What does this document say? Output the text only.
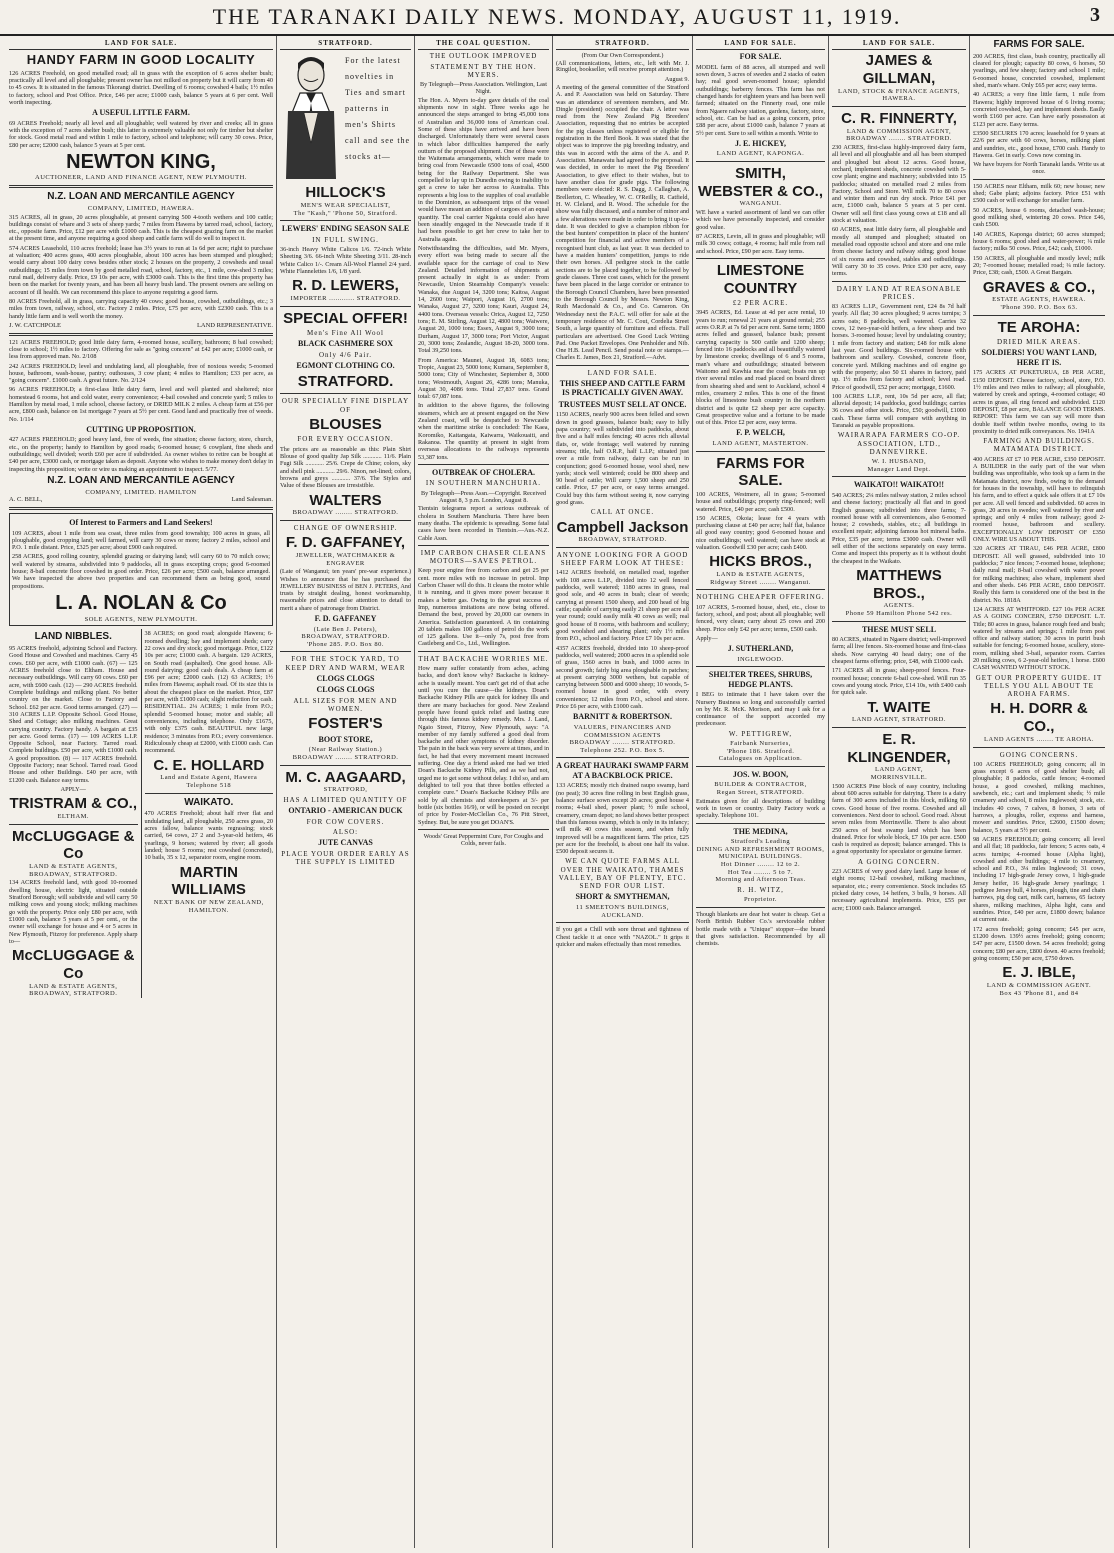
THE TARANAKI DAILY NEWS. MONDAY, AUGUST 11, 1919.	3
LAND FOR SALE.
HANDY FARM IN GOOD LOCALITY

126 ACRES Freehold, on good metalled road; all in grass with the exception of 6 acres shelter bush; practically all level and all ploughable; present owner has not milked on property but it will carry from 40 to 45 cows. It is situated in the famous Tikorangi district. Dwelling of 6 rooms; cowshed 4 bails; 1½ miles to factory, school and Post Office. Price, £46 per acre; £1000 cash, balance 5 years at 6 per cent. Well worth inspecting.

A USEFUL LITTLE FARM.

69 ACRES Freehold; nearly all level and all ploughable; well watered by river and creeks; all in grass with the exception of 7 acres shelter bush; this latter is extremely valuable not only for timber but shelter for stock. Good metal road and within 1 mile to factory, school and telephone; will carry 30 cows. Price, £80 per acre; £2000 cash, balance 5 years at 5 per cent.

NEWTON KING,
AUCTIONEER, LAND AND FINANCE AGENT, NEW PLYMOUTH.
N.Z. LOAN AND MERCANTILE AGENCY
COMPANY, LIMITED, HAWERA.

315 ACRES, all in grass, 20 acres ploughable, at present carrying 500 4-tooth wethers and 100 cattle; buildings consist of whare and 3 sets of sheep yards; 7 miles from Hawera by tarred road, school, factory, etc., opposite farm. Price, £12 per acre with £1000 cash. This is the cheapest grazing farm on the market at the present time, and anyone requiring a good sheep and cattle farm will do well to inspect it.

574 ACRES Leasehold, 110 acres freehold; lease has 3½ years to run at 1s 6d per acre; right to purchase at valuation; 400 acres grass, 400 acres ploughable, about 100 acres has been stumped and ploughed; would carry about 100 dairy cows besides other stock; 2 houses on the property, 2 cowsheds and usual outbuildings; 15 miles from town by good metalled road, school, factory, etc., 1 mile, cow-shed 3 miles; rural mail, delivery daily. Price, £9 10s per acre, with £3000 cash. This is the first time this property has been on the market for twenty years, and has been all heavy bush land. The present owners are selling on account of ill health. We can recommend this place to anyone requiring a good farm.

80 ACRES Freehold, all in grass, carrying capacity 40 cows; good house, cowshed, outbuildings, etc.; 3 miles from town, railway, school, etc. Factory 2 miles. Price, £75 per acre, with £2300 cash. This is a handy little farm and is well worth the money.

J. W. CATCHPOLE	LAND REPRESENTATIVE.

121 ACRES FREEHOLD; good little dairy farm, 4-roomed house, scullery, bathroom; 8 bail cowshed; close to school; 1½ miles to factory. Offering for sale as "going concern" at £42 per acre; £1000 cash, or less from approved man. No. 2/108

242 ACRES FREEHOLD; level and undulating land, all ploughable, free of noxious weeds; 5-roomed house, bathroom, wash-house, pantry; outhouses, 3 cow plant; 4 miles to Hamilton; £33 per acre, as "going concern". £1000 cash. A great future. No. 2/124

96 ACRES FREEHOLD; a first-class little dairy farm, level and well planted and sheltered; nice homestead 6 rooms, hot and cold water, every convenience; 4-bail cowshed and concrete yard; 5 miles to Hamilton by metal road, 1 mile school, cheese factory, or DRIED MILK 2 miles. A cheap farm at £56 per acre, £800 cash, balance on 1st mortgage 7 years at 5½ per cent. Good land and practically free of weeds. No. 1/114

CUTTING UP PROPOSITION.

427 ACRES FREEHOLD; good heavy land, free of weeds, fine situation; cheese factory, store, church, etc., on the property; handy to Hamilton by good roads; 6-roomed house; 6 cowplant, fine sheds and outbuildings; well divided; worth £60 per acre if subdivided. As owner wishes to retire can be bought at £40 per acre, £3000 cash, or mortgage taken as deposit. Anyone who wishes to make money don't delay in inspecting this proposition; write or wire us making an appointment to inspect. 5/77.

N.Z. LOAN AND MERCANTILE AGENCY
COMPANY, LIMITED. HAMILTON
A. C. BELL,	Land Salesman.
Of Interest to Farmers and Land Seekers!

109 ACRES, about 1 mile from sea coast, three miles from good township; 100 acres in grass, all ploughable, good cropping land; well farmed, will carry 30 cows or more; factory 2 miles, school and P.O. 1 mile distant. Price, £325 per acre; about £900 cash required.

258 ACRES, good rolling country, splendid grazing or dairying land; will carry 60 to 70 milch cows; well watered by streams, subdivided into 9 paddocks, all in grass excepting crops; good 6-roomed house; 8-bail concrete floor cowshed in good order. Price, £26 per acre; £500 cash, balance arranged. We have inspected the above two properties and can recommend them as being good, sound propositions.

L. A. NOLAN & Co
SOLE AGENTS, NEW PLYMOUTH.
LAND NIBBLES.

95 ACRES freehold, adjoining School and Factory. Good House and Cowshed and machines. Carry 45 cows. £60 per acre, with £1000 cash. (67) — 125 ACRES freehold close to Eltham. House and necessary outbuildings. Will carry 60 cows. £60 per acre, with £600 cash. (12) — 290 ACRES freehold. Complete buildings and milking plant. No better country on the market. Close to Factory and School. £62 per acre. Good terms arranged. (27) — 310 ACRES L.I.P. Opposite School. Good House, Shed and Cottage; also milking machines. Great carrying country. Factory handy. A bargain at £35 per acre. Good terms. (17) — 109 ACRES L.I.P. Opposite School, near Factory. Tarred road. Complete buildings. £50 per acre, with £1000 cash. A good proposition. (8) — 117 ACRES freehold. Opposite Factory; near School. Tarred road. Good House and other Buildings. £40 per acre, with £1200 cash. Balance easy terms.

APPLY—
TRISTRAM & CO.,
ELTHAM.
McCLUGGAGE & Co
LAND & ESTATE AGENTS,
BROADWAY, STRATFORD.

134 ACRES freehold land, with good 10-roomed dwelling house, electric light, situated outside Stratford Borough; will subdivide and will carry 50 milking cows and young stock; milking machines go with the property. Price only £80 per acre, with £1000 cash, balance 5 years at 5 per cent., or the owner will exchange for house and 4 or 5 acres in New Plymouth, Fitzroy for preference. Apply sharp to—

McCLUGGAGE & Co
LAND & ESTATE AGENTS,
BROADWAY, STRATFORD.

38 ACRES; on good road; alongside Hawera; 6-roomed dwelling; bay and implement sheds; carry 22 cows and dry stock; good mortgage. Price, £122 10s per acre; £1000 cash. A bargain. 129 ACRES, on South road (asphalted). One good house. All-round dairying; good cash deals. A cheap farm at £96 per acre; £2000 cash. (12) 63 ACRES; 1½ miles from Hawera; asphalt road. Of its size this is about the cheapest place on the market. Price, £87 per acre, with £1000 cash; slight reduction for cash. RESIDENTIAL. 2¼ ACRES; 1 mile from P.O.; splendid 5-roomed house; motor and stable; all conveniences, including telephone. Only £1675, with only £375 cash. BEAUTIFUL new large residence; 3 minutes from P.O.; every convenience. Ridiculously cheap at £2000, with £1000 cash. Can recommend.

C. E. HOLLARD
Land and Estate Agent, Hawera
Telephone 518
WAIKATO.

470 ACRES Freehold; about half river flat and undulating land, all ploughable, 250 acres grass, 20 acres fallow, balance wants regrassing; stock carried, 64 cows, 27 2 and 3-year-old heifers, 46 yearlings, 9 horses; watered by river; all goods landed; house 5 rooms; rest cowshed (concreted), 10 bails, 35 x 12, separator room, engine room.

MARTIN WILLIAMS
NEXT BANK OF NEW ZEALAND, HAMILTON.
STRATFORD.
For the latest novelties in Ties and smart patterns in men's Shirts call and see the stocks at—
HILLOCK'S
MEN'S WEAR SPECIALIST,
The "Kash," 'Phone 50, Stratford.
LEWERS' ENDING SEASON SALE
IN FULL SWING.

36-inch Heavy White Calicos 1/6. 72-inch White Sheeting 3/6. 66-inch White Sheeting 3/11. 28-inch White Calico 1/-. Cream All-Wool Flannel 2/4 yard. White Flannelettes 1/6, 1/8 yard.

R. D. LEWERS,
IMPORTER ............ STRATFORD.
SPECIAL OFFER!
Men's Fine All Wool
BLACK CASHMERE SOX
Only 4/6 Pair.
EGMONT CLOTHING CO.
STRATFORD.
OUR SPECIALLY FINE DISPLAY OF
BLOUSES
FOR EVERY OCCASION.

The prices are as reasonable as this: Plain Shirt Blouse of good quality Jap Silk ............ 11/6. Plain Fugi Silk ............ 25/6. Crepe de Chine; colors, sky and shell pink ............ 29/6. Ninon, net-lined; colors, browns and greys ............ 37/6. The Styles and Value of these Blouses are irresistible.

WALTERS
BROADWAY ........ STRATFORD.
CHANGE OF OWNERSHIP.
F. D. GAFFANEY,
JEWELLER, WATCHMAKER & ENGRAVER

(Late of Wanganui; ten years' pre-war experience.) Wishes to announce that he has purchased the JEWELLERY BUSINESS of BEN J. PETERS, And trusts by straight dealing, honest workmanship, reasonable prices and close attention to detail to merit a share of patronage from District.

F. D. GAFFANEY
(Late Ben J. Peters),
BROADWAY, STRATFORD.
'Phone 285. P.O. Box 80.
FOR THE STOCK YARD, TO KEEP DRY AND WARM, WEAR
CLOGS CLOGS
CLOGS CLOGS
ALL SIZES FOR MEN AND WOMEN.
FOSTER'S
BOOT STORE,
(Near Railway Station.)
BROADWAY ........ STRATFORD.
M. C. AAGAARD,
STRATFORD,
HAS A LIMITED QUANTITY OF
ONTARIO - AMERICAN DUCK
FOR COW COVERS.
ALSO:
JUTE CANVAS
PLACE YOUR ORDER EARLY AS THE SUPPLY IS LIMITED
THE COAL QUESTION.
THE OUTLOOK IMPROVED
STATEMENT BY THE HON. MYERS.
By Telegraph—Press Association. Wellington, Last Night.

The Hon. A. Myers to-day gave details of the coal shipments now in sight. Three weeks ago he announced the steps arranged to bring 45,000 tons of Australian and 36,000 tons of American coal. Some of these ships have arrived and have been discharged. Unfortunately there were several cases in which labor difficulties hampered the early outturn of the proposed shipment. One of these were the Waitemata arrangements, which were made to bring coal from Newcastle 6500 tons of coal, 4500 being for the Railway Department. She was compelled to lay up in Dunedin owing to inability to get a crew to take her across to Australia. This represents a big loss to the supplies of coal available in the Dominion, as subsequent trips of the vessel would have meant an addition of cargoes of an equal quantity. The coal carrier Ngakuta could also have been steadily engaged in the Newcastle trade if it had been possible to get her crew to take her to Australia again.

Notwithstanding the difficulties, said Mr. Myers, every effort was being made to secure all the available space for the carriage of coal to New Zealand. Detailed information of shipments at present actually in sight is as under: From Newcastle, Union Steamship Company's vessels: Wanaka, due August 14, 3200 tons; Kaitoa, August 14, 2600 tons; Waipori, August 16, 2700 tons; Wanaka, August 27, 3200 tons; Kauri, August 24, 4400 tons. Overseas vessels: Orica, August 12, 7250 tons; E. M. Stirling, August 12, 4800 tons; Waiwere, August 20, 1000 tons; Essex, August 9, 3000 tons; Durham, August 17, 3000 tons; Port Victor, August 20, 3000 tons; Zealandic, August 18-20, 3000 tons. Total 39,250 tons.

From America: Maunei, August 18, 6083 tons; Tropic, August 23, 5000 tons; Kumara, September 8, 5000 tons; City of Winchester, September 8, 3000 tons; Westmouth, August 26, 4286 tons; Manuka, August 30, 4086 tons. Total 27,837 tons. Grand total: 67,087 tons.

In addition to the above figures, the following steamers, which are at present engaged on the New Zealand coast, will be despatched to Newcastle when the maritime strike is concluded: The Kaea, Koromiko, Kaitangata, Kaiwarra, Waikouaiti, and Rakanoa. The quantity at present in sight from overseas allocations to the railways represents 53,387 tons.

OUTBREAK OF CHOLERA.
IN SOUTHERN MANCHURIA.
By Telegraph—Press Assn.—Copyright. Received August 8, 3 p.m. London, August 8.

Tientsin telegrams report a serious outbreak of cholera in Southern Manchuria. There have been many deaths. The epidemic is spreading. Some fatal cases have been recorded in Tientsin.—Aus.-N.Z. Cable Assn.

IMP CARBON CHASER CLEANS MOTORS—SAVES PETROL.

Keep your engine free from carbon and get 25 per cent. more miles with no increase in petrol. Imp Carbon Chaser will do this. It cleans the motor while it is running, and it gives more power because it makes a better gas. Owing to the great success of Imp, numerous imitations are now being offered. Demand the best, proved by 20,000 car owners in America. Satisfaction guaranteed. A tin containing 20 tablets makes 100 gallons of petrol do the work of 125 gallons. Use it—only 7s, post free from Castleberg and Co., Ltd., Wellington.

THAT BACKACHE WORRIES ME.

How many suffer constantly from aches, aching backs, and don't know why? Backache is kidney-ache is usually meant. You can't get rid of that ache until you cure the cause—the kidneys. Doan's Backache Kidney Pills are quick for kidney ills and there are many backaches for good. New Zealand people have found quick relief and lasting cure through this famous kidney remedy. Mrs. J. Land, Ngaio Street, Fitzroy, New Plymouth, says: "A member of my family suffered a good deal from backache and other symptoms of kidney disorder. The pain in the back was very severe at times, and in fact, he had that every movement meant increased suffering. One day a friend asked me had we tried Doan's Backache Kidney Pills, and as we had not, urged me to get some without delay. I did so, and am delighted to tell you that three bottles effected a complete cure." Doan's Backache Kidney Pills are sold by all chemists and storekeepers at 3/- per bottle (six bottles 16/9), or will be posted on receipt of price by Foster-McClellan Co., 76 Pitt Street, Sydney. But, be sure you get DOAN'S.

Woods' Great Peppermint Cure, For Coughs and Colds, never fails.

STRATFORD.
(From Our Own Correspondent.)

(All communications, letters, etc., left with Mr. J. Ringilot, bookseller, will receive prompt attention.)

August 9.

A meeting of the general committee of the Stratford A. and P. Association was held on Saturday. There was an attendance of seventeen members, and Mr. Dingle (president) occupied the chair. A letter was read from the New Zealand Pig Breeders' Association, requesting that no entries be accepted for the pig classes unless registered or eligible for registration in the Herd Book. It was stated that the object was to improve the pig breeding industry, and this was in accord with the aims of the A. and P. Association. Manawatu had agreed to the proposal. It was decided, in order to meet the Pig Breeders' Association, to give effect to their wishes, but to have another class for grade pigs. The following members were elected: R. S. Dagg, J. Callaghan, A. Brellerton, C. Wheatley, W. C. O'Reilly, R. Catfield, H. W. Cleland, and R. Wood. The schedule for the show was fully discussed, and a number of minor and a few alterations were made in order to bring it up-to-date. It was decided to give a champion ribbon for the best hunters' competition in place of the hunters' competition for financial and active members of a recognised hunt club, as last year. It was decided to have a maiden hunters' competition, jumps to ride their own horses. All pedigree stock in the cattle sections are to be placed together, to be followed by grade classes. Three cost cases, which for the present have been placed in the large corridor or entrance to the Borough Council Chambers, have been presented to the Borough Council by Messrs. Newton King, Ruth Macdonald & Co., and Co. Cameron. On Wednesday next the P.A.C. will offer for sale at the temporary residence of Mr. C. Cout, Cordelia Street South, a large quantity of furniture and effects. Full particulars are advertised. One Good Luck Writing Pad. One Packet Envelopes. One Penholder and Nib. One H.B. Lead Pencil. Send postal note or stamps.—Charles E. James, Box 21, Stratford.—Advt.

LAND FOR SALE.
THIS SHEEP AND CATTLE FARM IS PRACTICALLY GIVEN AWAY.
TRUSTEES MUST SELL AT ONCE.

1150 ACRES, nearly 900 acres been felled and sown down in good grasses, balance bush; easy to hilly papa country; well subdivided into paddocks, about five and a half miles fencing; 40 acres rich alluvial flats, or, wide frontage; well watered by running streams; title, half O.R.P., half L.I.P.; situated just over a mile from railway, dairy can be run in conjunction; good 6-roomed house, wool shed, new yards; stock well wintered; could be 800 sheep and 90 head of cattle; Will carry 1,500 sheep and 250 cattle. Price, £7 per acre, or easy terms arranged. Could buy this farm without seeing it, now carrying good grass.

CALL AT ONCE.
Campbell Jackson
BROADWAY, STRATFORD.
ANYONE LOOKING FOR A GOOD SHEEP FARM LOOK AT THESE:

1412 ACRES freehold, on metalled road, together with 108 acres L.I.P., divided into 12 well fenced paddocks, well watered; 1180 acres in grass, real good sole, and 40 acres in bush; clear of weeds; carrying at present 1500 sheep, and 200 head of big cattle; capable of carrying easily 21 sheep per acre all year round; could easily milk 40 cows as well; real good house of 8 rooms, with bathroom and scullery; good woolshed and shearing plant; only 1½ miles from P.O., school and factory. Price £7 10s per acre.

4357 ACRES freehold, divided into 10 sheep-proof paddocks, well watered; 2000 acres in a splendid sole of grass, 1560 acres in bush, and 1000 acres in second growth; fairly big area ploughable in patches; at present carrying 3000 wethers, but capable of carrying between 5000 and 6000 sheep; 10 woods, 5-roomed house in good order, with every convenience; 12 miles from P.O., school and store. Price £6 per acre, with £1000 cash.

BARNITT & ROBERTSON.
VALUERS, FINANCIERS AND COMMISSION AGENTS
BROADWAY ........ STRATFORD.
Telephone 252. P.O. Box 5.
A GREAT HAURAKI SWAMP FARM AT A BACKBLOCK PRICE.

133 ACRES; mostly rich drained raupo swamp, hard (no peat); 30 acres fine rolling in best English grass, balance surface sown except 20 acres; good house 4 rooms; 4-bail shed, power plant; ½ mile school, creamery, cream depot; no land shows better prospect than this famous swamp, which is only in its infancy; will milk 40 cows this season, and when fully improved will be a magnificent farm. The price, £25 per acre for the freehold, is about one half its value. £500 deposit secures it.

WE CAN QUOTE FARMS ALL OVER THE WAIKATO, THAMES VALLEY, BAY OF PLENTY, ETC. SEND FOR OUR LIST.
SHORT & SMYTHEMAN,
11 SMEETON'S BUILDINGS, AUCKLAND.

If you get a Chill with sore throat and tightness of Chest tackle it at once with "NAZOL." It grips it quicker and makes effectually than most remedies.

LAND FOR SALE.
FOR SALE.

MODEL farm of 88 acres, all stumped and well sown down, 3 acres of swedes and 2 stacks of oaten hay; real good seven-roomed house; splendid outbuildings; barberry fences. This farm has not changed hands for eighteen years and has been well farmed; situated on the Finnerty road, one mile from Ngaere railway station, gardens, factory, store, school, etc. Can be had as a going concern, price £88 per acre, about £1000 cash, balance 7 years at 5½ per cent. Sure to sell within a month. Write to

J. E. HICKEY,
LAND AGENT, KAPONGA.
SMITH, WEBSTER & CO.,
WANGANUI.

WE have a varied assortment of land we can offer which we have personally inspected, and consider good value.

87 ACRES, Levin, all in grass and ploughable; will milk 30 cows; cottage, 4 rooms; half mile from rail and school. Price, £90 per acre. Easy terms.

LIMESTONE COUNTRY
£2 PER ACRE.

3945 ACRES, Ed. Lease at 4d per acre rental, 10 years to run; renewal 21 years at ground rental; 255 acres O.R.P. at 7s 6d per acre rent. Same term; 1800 acres felled and grassed, balance bush; present carrying capacity is 500 cattle and 1200 sheep; fenced into 16 paddocks and all beautifully watered by limestone creeks; dwellings of 6 and 5 rooms, man's whare and outbuildings; situated between Waitomo and Kawhia near the coast; boats run up river several miles and road placed on board direct from shearing shed and sent to Auckland, school 4 miles, creamery 2 miles. This is one of the finest blocks of limestone bush country in the northern district and is quite £2 sheep per acre capacity. Great prospective value and a fortune to be made out of this. Price £2 per acre, easy terms.

F. P. WELCH,
LAND AGENT, MASTERTON.
FARMS FOR SALE.

100 ACRES, Westmere, all in grass; 5-roomed house and outbuildings; property ring-fenced; well watered. Price, £40 per acre; cash £500.

150 ACRES, Okoia; lease for 4 years with purchasing clause at £40 per acre; half flat, balance all good easy country; good 6-roomed house and nice outbuildings; well watered; can have stock at valuation. Goodwill £30 per acre; cash £400.

HICKS BROS.,
LAND & ESTATE AGENTS,
Ridgway Street ........ Wanganui.
NOTHING CHEAPER OFFERING.

107 ACRES, 5-roomed house, shed, etc., close to factory, school, and post; about all ploughable; well fenced, very clean; carry about 25 cows and 200 sheep. Price only £42 per acre; terms, £500 cash.

Apply—
J. SUTHERLAND,
INGLEWOOD.
SHELTER TREES, SHRUBS, HEDGE PLANTS.

I BEG to intimate that I have taken over the Nursery Business so long and successfully carried on by Mr. R. McK. Morison, and may I ask for a continuance of the support accorded my predecessor.

W. PETTIGREW,
Fairbank Nurseries,
'Phone 186. Stratford.
Catalogues on Application.
JOS. W. BOON,
BUILDER & CONTRACTOR,
Regan Street, STRATFORD.

Estimates given for all descriptions of building work in town or country. Dairy Factory work a specialty. Telephone 101.

THE MEDINA,
Stratford's Leading
DINING AND REFRESHMENT ROOMS, MUNICIPAL BUILDINGS.
Hot Dinner ........ 12 to 2.
Hot Tea ........ 5 to 7.
Morning and Afternoon Teas.
R. H. WITZ,
Proprietor.

Though blankets are dear hot water is cheap. Get a North British Rubber Co.'s serviceable rubber bottle made with a "Unique" stopper—the brand that gives satisfaction. Recommended by all chemists.

LAND FOR SALE.
JAMES & GILLMAN,
LAND, STOCK & FINANCE AGENTS, HAWERA.
C. R. FINNERTY,
LAND & COMMISSION AGENT,
BROADWAY ........ STRATFORD.

230 ACRES, first-class highly-improved dairy farm, all level and all ploughable and all has been stumped and ploughed but about 12 acres. Good house, orchard, implement sheds, concrete cowshed with 5-cow plant; engine and machinery; subdivided into 15 paddocks; situated on metalled road 2 miles from Factory, School and Store. Will milk 70 to 80 cows and winter them and run dry stock. Price £41 per acre, £1000 cash, balance 5 years at 5 per cent. Owner will sell first class young cows at £18 and all stock at valuation.

60 ACRES, neat little dairy farm, all ploughable and mostly all stumped and ploughed; situated on metalled road opposite school and store and one mile from cheese factory and railway siding; good house of six rooms and cowshed, stables and outbuildings. Will carry 30 to 35 cows. Price £30 per acre, easy terms.

DAIRY LAND AT REASONABLE PRICES.

83 ACRES L.I.P., Government rent, £24 8s 7d half yearly. All flat; 30 acres ploughed; 9 acres turnips; 3 acres oats; 8 paddocks, well watered. Carries 32 cows, 12 two-year-old heifers, a few sheep and two horses. 3-roomed house; level by undulating country; 1 mile from factory and station; £48 for milk alone last year. Good buildings. Six-roomed house with bathroom and scullery. Cowshed, concrete floor, concrete yard. Milking machines and oil engine go with the property; also 50 £1 shares in factory, paid up. 1½ miles from factory and school; level road. Price of goodwill, £52 per acre; mortgage, £1600.

100 ACRES L.I.P., rent, 10s 5d per acre, all flat; alluvial deposit; 14 paddocks, good buildings; carries 36 cows and other stock. Price, £50; goodwill, £1000 cash. These farms will compare with anything in Taranaki as payable propositions.

WAIRARAPA FARMERS CO-OP. ASSOCIATION, LTD., DANNEVIRKE.
W. I. HUSBAND,
Manager Land Dept.
WAIKATO!! WAIKATO!!

540 ACRES; 2¼ miles railway station, 2 miles school and cheese factory; practically all flat and in good English grasses; subdivided into three farms; 7-roomed house with all conveniences, also 6-roomed house; 2 cowsheds, stables, etc.; all buildings in excellent repair; adjoining famous hot mineral baths. Price, £35 per acre; terms £3000 cash. Owner will sell either of the sections separately on easy terms. Come and inspect this property as it is without doubt the cheapest in the Waikato.

MATTHEWS BROS.,
AGENTS.
Phone 59 Hamilton Phone 542 res.
THESE MUST SELL

80 ACRES, situated in Ngaere district; well-improved farm; all live fences. Six-roomed house and first-class sheds. Now carrying 40 head dairy; one of the cheapest farms offering; price, £48, with £1000 cash.

171 ACRES all in grass; sheep-proof fences. Four-roomed house; concrete 6-bail cow-shed. Will run 35 cows and young stock. Price, £14 10s, with £400 cash for quick sale.

T. WAITE
LAND AGENT, STRATFORD.
E. R. KLINGENDER,
LAND AGENT,
MORRINSVILLE.

1500 ACRES Pine block of easy country, including about 600 acres suitable for dairying. There is a dairy farm of 300 acres included in this block, milking 60 cows. Good house of five rooms. Cowshed and all conveniences. Next door to school. Good road. About seven miles from Morrinsville. There is also about 250 acres of best swamp land which has been drained. Price for whole block, £7 10s per acre. £500 cash is required as deposit; balance arranged. This is a great opportunity for speculator or genuine farmer.

A GOING CONCERN.

223 ACRES of very good dairy land. Large house of eight rooms; 12-bail cowshed, milking machines, separator, etc.; every convenience. Stock includes 65 picked dairy cows, 14 heifers, 3 bulls, 9 horses. All necessary agricultural implements. Price, £55 per acre; £1000 cash. Balance arranged.

FARMS FOR SALE.

200 ACRES, first class, bush country, practically all cleared for plough; capacity 80 cows, 6 horses, 50 yearlings, and few sheep; factory and school 1 mile; 6-roomed house, concreted cowshed, implement shed, man's whare. Only £65 per acre; easy terms.

40 ACRES; a very fine little farm, 1 mile from Hawera; highly improved house of 6 living rooms; concreted cowshed, hay and implement sheds. Easily worth £160 per acre. Can have early possession at £123 per acre. Easy terms.

£3500 SECURES 170 acres; leasehold for 9 years at 22/6 per acre with 60 cows, horses, milking plant and sundries, etc., good house, £700 cash. Handy to Hawera. Get in early. Cows now coming in.

We have buyers for North Taranaki lands. Write us at once.

150 ACRES near Eltham, milk 60; new house; new shed; Gabe plant; adjoins factory. Price £51 with £500 cash or will exchange for smaller farm.

50 ACRES, house 6 rooms, detached wash-house; good milking shed, wintering 20 cows. Price £46, cash £500.

140 ACRES, Kaponga district; 60 acres stumped; house 6 rooms; good shed and water-power; ¼ mile factory; milks 50 cows. Price, £42; cash, £1000.

150 ACRES, all ploughable and mostly level; milk 20; 7-roomed house; metalled road; ¼ mile factory. Price, £38; cash, £500. A Great Bargain.

GRAVES & CO.,
ESTATE AGENTS, HAWERA.
'Phone 390. P.O. Box 63.
TE AROHA:
DRIED MILK AREAS.
SOLDIERS! YOU WANT LAND, HERE IT IS.

175 ACRES AT PUKETURUA, £8 PER ACRE, £150 DEPOSIT. Cheese factory, school, store, P.O. 1½ miles and two miles to railway; all ploughable, watered by creek and springs, 4-roomed cottage; 40 acres in grass, all ring fenced and subdivided. £120 DEPOSIT, £8 per acre, BALANCE GOOD TERMS. REPORT: This farm we can say will more than double itself within twelve months, owing to its proximity to dried milk conveyances. No. 1941A

FARMING AND BUILDINGS. MATAMATA DISTRICT.

400 ACRES AT £7 10 PER ACRE, £350 DEPOSIT. A BUILDER in the early part of the war when building was unprofitable, who took up a farm in the Matamata district, now finds, owing to the demand for houses in the township, will have to relinquish his farm, and to effect a quick sale offers it at £7 10s per acre. All well fenced and subdivided. 60 acres in grass, 20 acres in swedes; well watered by river and springs; and only 4 miles from railway; good 2-roomed house, bathroom and scullery. EXCEPTIONALLY LOW DEPOSIT OF £350 ONLY. WIRE US ABOUT THIS.

320 ACRES AT TIRAU, £46 PER ACRE, £800 DEPOSIT. All well grassed, subdivided into 10 paddocks; 7 nice fences; 7-roomed house, telephone; daily rural mail; 8-bail cowshed with water power for milking machines; also whare, implement shed and other sheds. £46 PER ACRE, £800 DEPOSIT. Really this farm is considered one of the best in the district. No. 1818A

124 ACRES AT WHITFORD. £27 10s PER ACRE AS A GOING CONCERN, £750 DEPOSIT. L.T. Title; 80 acres in grass, balance rough feed and bush; watered by streams and springs; 1 mile from post office and railway station; 30 acres in puriri bush suitable for fencing; 6-roomed house, scullery, store-room, milking shed 3-bail, separator room. Carries 20 milking cows, 6 2-year-old heifers, 1 horse. £600 CASH WANTED WITHOUT STOCK.

GET OUR PROPERTY GUIDE. IT TELLS YOU ALL ABOUT TE AROHA FARMS.
H. H. DORR & CO.,
LAND AGENTS ........ TE AROHA.
GOING CONCERNS.

100 ACRES FREEHOLD; going concern; all in grass except 6 acres of good shelter bush; all ploughable; 8 paddocks, cattle fences; 4-roomed house, a good cowshed, milking machines, sawbench, etc.; cart and implement sheds; ½ mile creamery and school, 8 miles Inglewood; stock, etc. includes 40 cows, 7 calves, 8 horses, 3 sets of harrows, a ploughs, roller, express and harness, mower and sundries. Price, £2600, £1500 down; balance, 5 years at 5½ per cent.

98 ACRES FREEHOLD; going concern; all level and all flat; 18 paddocks, fair fences; 5 acres oats, 4 acres turnips; 4-roomed house (Alpha light), cowshed and other buildings; 4 mile to creamery, school and P.O., 3¼ miles Inglewood; 31 cows, including 17 high-grade Jersey cows, 1 high-grade Jersey heifer, 16 high-grade Jersey yearlings; 1 pedigree Jersey bull, 4 horses, plough, tine and chain harrows, pig dog cart, milk cart, harness, 65 factory shares, milking machines, Alpha light, cans and sundries. Price, £40 per acre, £1800 down; balance at current rate.

172 acres freehold; going concern; £45 per acre, £1200 down. 139½ acres freehold; going concern; £47 per acre, £1500 down. 54 acres freehold; going concern; £80 per acre, £800 down. 40 acres freehold; going concern; £50 per acre, £750 down.

E. J. IBLE,
LAND & COMMISSION AGENT.
Box 43 'Phone 81, and 84
